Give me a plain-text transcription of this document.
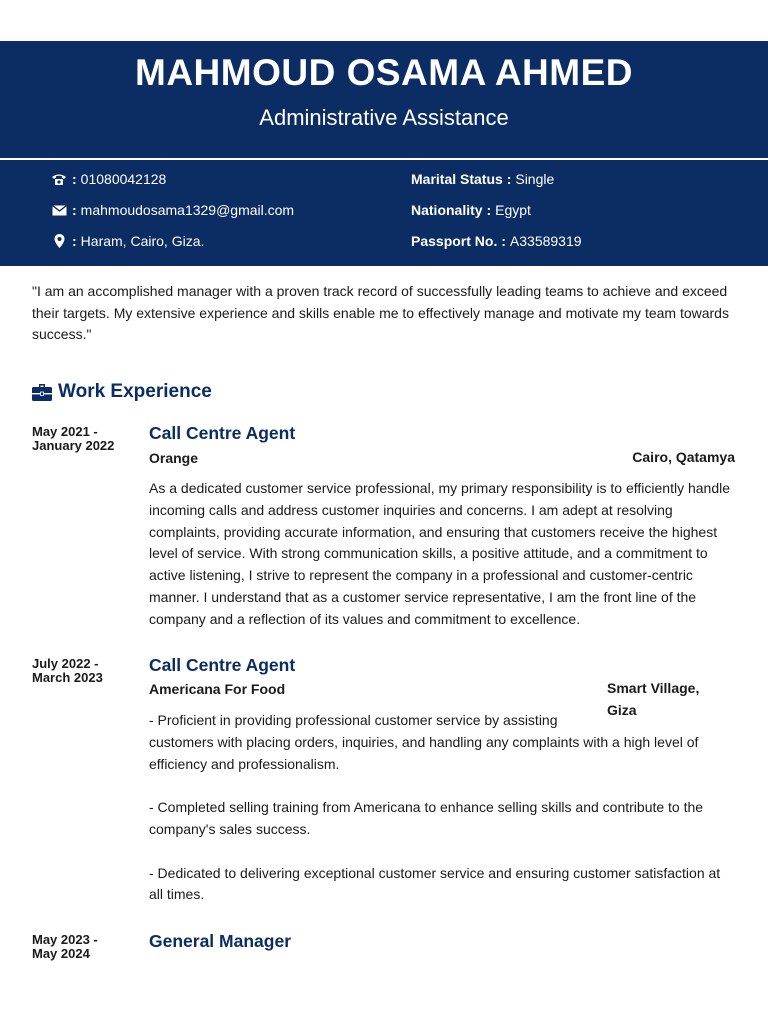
MAHMOUD OSAMA AHMED
Administrative Assistance
: 01080042128
: mahmoudosama1329@gmail.com
: Haram, Cairo, Giza.
Marital Status : Single
Nationality : Egypt
Passport No. : A33589319
"I am an accomplished manager with a proven track record of successfully leading teams to achieve and exceed their targets. My extensive experience and skills enable me to effectively manage and motivate my team towards success."
Work Experience
May 2021 -
January 2022
Call Centre Agent
Orange	Cairo, Qatamya
As a dedicated customer service professional, my primary responsibility is to efficiently handle incoming calls and address customer inquiries and concerns. I am adept at resolving complaints, providing accurate information, and ensuring that customers receive the highest level of service. With strong communication skills, a positive attitude, and a commitment to active listening, I strive to represent the company in a professional and customer-centric manner. I understand that as a customer service representative, I am the front line of the company and a reflection of its values and commitment to excellence.
July 2022 -
March 2023
Call Centre Agent
Americana For Food	Smart Village,
Giza
- Proficient in providing professional customer service by assisting
customers with placing orders, inquiries, and handling any complaints with a high level of efficiency and professionalism.
- Completed selling training from Americana to enhance selling skills and contribute to the company's sales success.
- Dedicated to delivering exceptional customer service and ensuring customer satisfaction at all times.
May 2023 -
May 2024
General Manager
